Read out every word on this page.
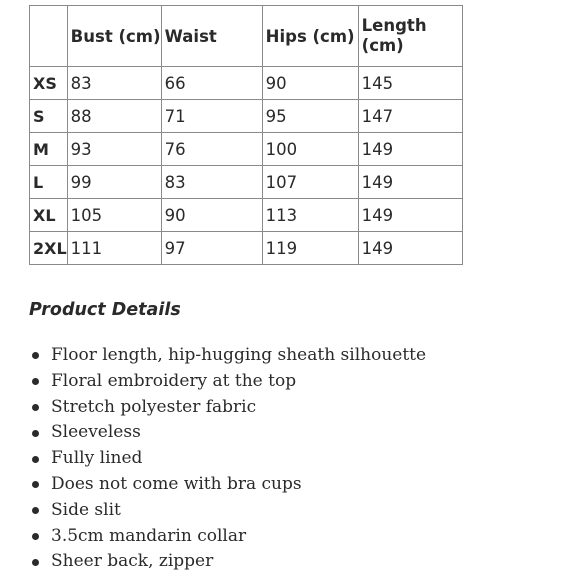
	Bust (cm)	Waist	Hips (cm)	Length (cm)
XS	83	66	90	145
S	88	71	95	147
M	93	76	100	149
L	99	83	107	149
XL	105	90	113	149
2XL	111	97	119	149
Product Details
Floor length, hip-hugging sheath silhouette
Floral embroidery at the top
Stretch polyester fabric
Sleeveless
Fully lined
Does not come with bra cups
Side slit
3.5cm mandarin collar
Sheer back, zipper
